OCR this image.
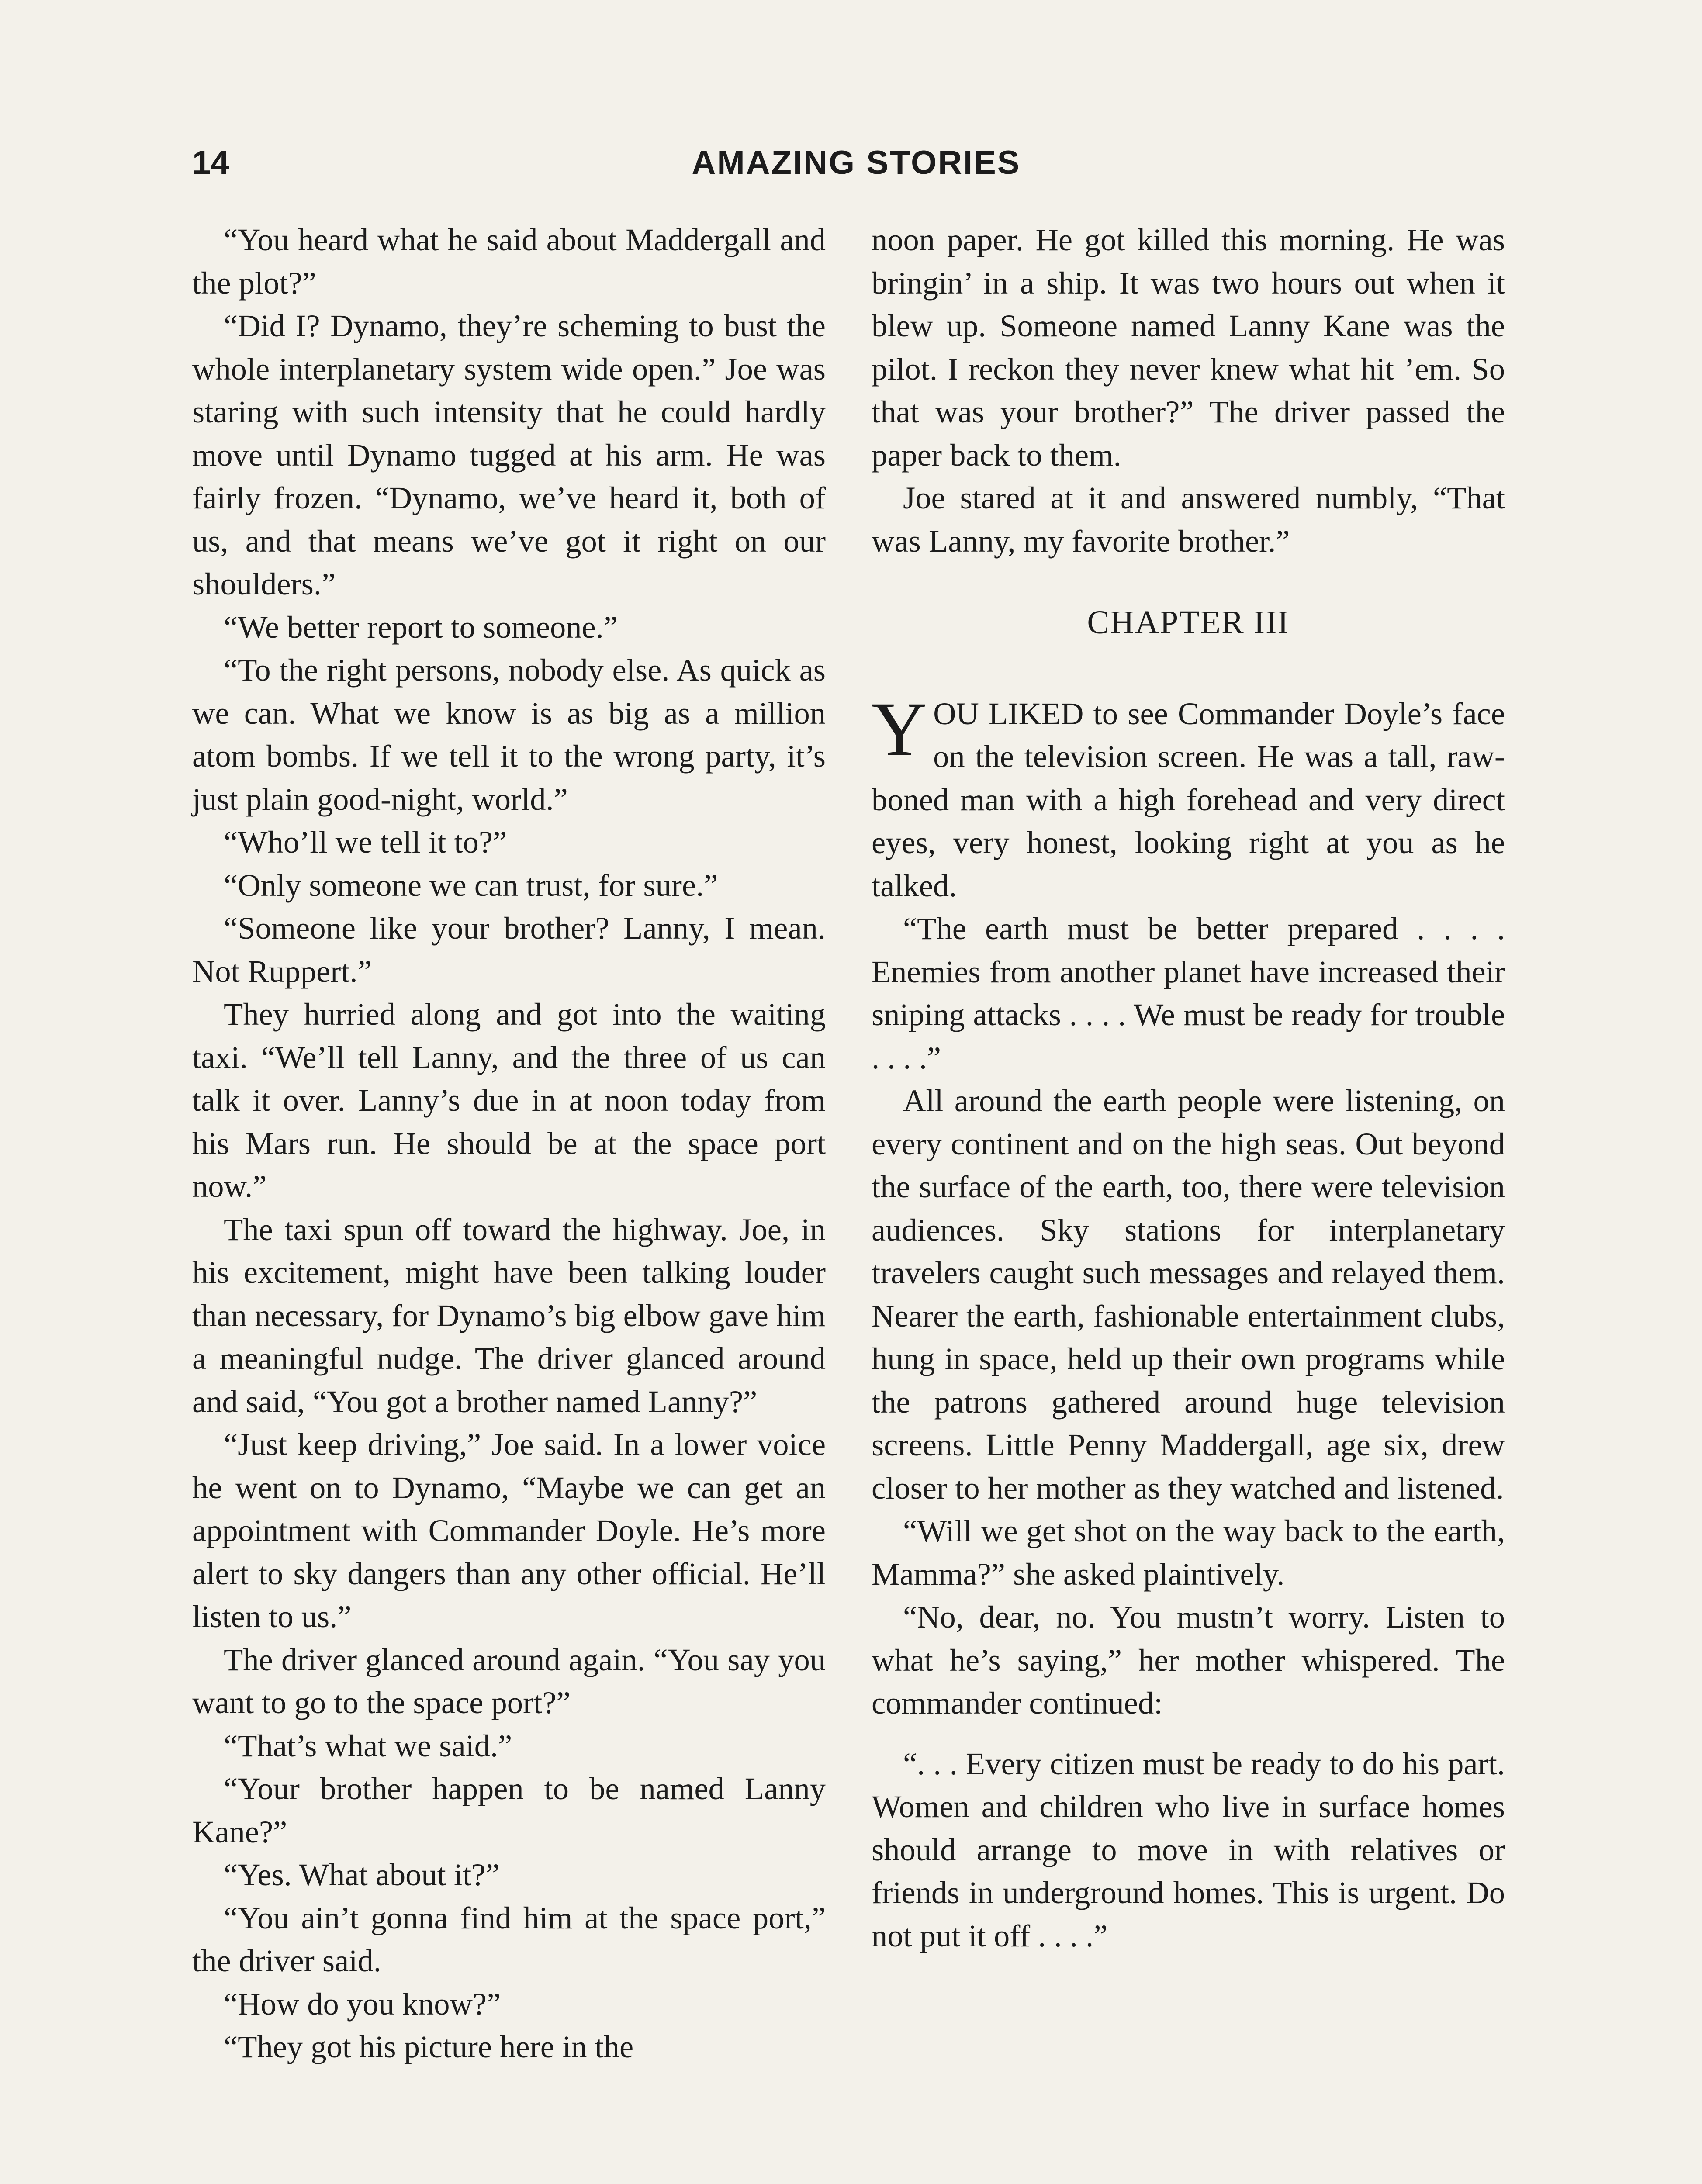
14	AMAZING STORIES

“You heard what he said about Maddergall and the plot?”

“Did I? Dynamo, they’re scheming to bust the whole interplanetary system wide open.” Joe was staring with such intensity that he could hardly move until Dynamo tugged at his arm. He was fairly frozen. “Dynamo, we’ve heard it, both of us, and that means we’ve got it right on our shoulders.”

“We better report to someone.”

“To the right persons, nobody else. As quick as we can. What we know is as big as a million atom bombs. If we tell it to the wrong party, it’s just plain good-night, world.”

“Who’ll we tell it to?”

“Only someone we can trust, for sure.”

“Someone like your brother? Lanny, I mean. Not Ruppert.”

They hurried along and got into the waiting taxi. “We’ll tell Lanny, and the three of us can talk it over. Lanny’s due in at noon today from his Mars run. He should be at the space port now.”

The taxi spun off toward the highway. Joe, in his excitement, might have been talking louder than necessary, for Dynamo’s big elbow gave him a meaningful nudge. The driver glanced around and said, “You got a brother named Lanny?”

“Just keep driving,” Joe said. In a lower voice he went on to Dynamo, “Maybe we can get an appointment with Commander Doyle. He’s more alert to sky dangers than any other official. He’ll listen to us.”

The driver glanced around again. “You say you want to go to the space port?”

“That’s what we said.”

“Your brother happen to be named Lanny Kane?”

“Yes. What about it?”

“You ain’t gonna find him at the space port,” the driver said.

“How do you know?”

“They got his picture here in the

noon paper. He got killed this morning. He was bringin’ in a ship. It was two hours out when it blew up. Someone named Lanny Kane was the pilot. I reckon they never knew what hit ’em. So that was your brother?” The driver passed the paper back to them.

Joe stared at it and answered numbly, “That was Lanny, my favorite brother.”

CHAPTER III

YOU LIKED to see Commander Doyle’s face on the television screen. He was a tall, raw-boned man with a high forehead and very direct eyes, very honest, looking right at you as he talked.

“The earth must be better prepared . . . . Enemies from another planet have increased their sniping attacks . . . . We must be ready for trouble . . . .”

All around the earth people were listening, on every continent and on the high seas. Out beyond the surface of the earth, too, there were television audiences. Sky stations for interplanetary travelers caught such messages and relayed them. Nearer the earth, fashionable entertainment clubs, hung in space, held up their own programs while the patrons gathered around huge television screens. Little Penny Maddergall, age six, drew closer to her mother as they watched and listened.

“Will we get shot on the way back to the earth, Mamma?” she asked plaintively.

“No, dear, no. You mustn’t worry. Listen to what he’s saying,” her mother whispered. The commander continued:

“. . . Every citizen must be ready to do his part. Women and children who live in surface homes should arrange to move in with relatives or friends in underground homes. This is urgent. Do not put it off . . . .”
